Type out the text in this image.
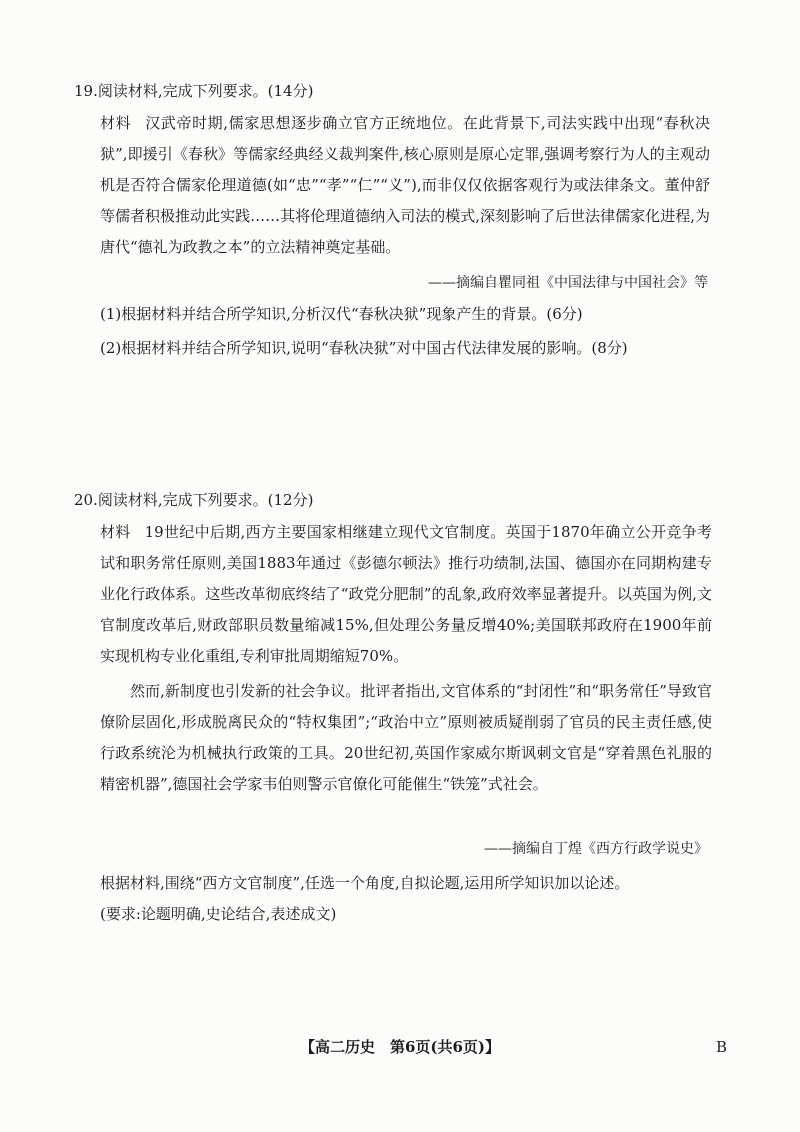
19.阅读材料,完成下列要求。(14分)
材料 汉武帝时期,儒家思想逐步确立官方正统地位。在此背景下,司法实践中出现“春秋决狱”,即援引《春秋》等儒家经典经义裁判案件,核心原则是原心定罪,强调考察行为人的主观动机是否符合儒家伦理道德(如“忠”“孝”“仁”“义”),而非仅仅依据客观行为或法律条文。董仲舒等儒者积极推动此实践……其将伦理道德纳入司法的模式,深刻影响了后世法律儒家化进程,为唐代“德礼为政教之本”的立法精神奠定基础。
——摘编自瞿同祖《中国法律与中国社会》等
(1)根据材料并结合所学知识,分析汉代“春秋决狱”现象产生的背景。(6分)
(2)根据材料并结合所学知识,说明“春秋决狱”对中国古代法律发展的影响。(8分)
20.阅读材料,完成下列要求。(12分)
材料 19世纪中后期,西方主要国家相继建立现代文官制度。英国于1870年确立公开竞争考试和职务常任原则,美国1883年通过《彭德尔顿法》推行功绩制,法国、德国亦在同期构建专业化行政体系。这些改革彻底终结了“政党分肥制”的乱象,政府效率显著提升。以英国为例,文官制度改革后,财政部职员数量缩减15%,但处理公务量反增40%;美国联邦政府在1900年前实现机构专业化重组,专利审批周期缩短70%。
然而,新制度也引发新的社会争议。批评者指出,文官体系的“封闭性”和“职务常任”导致官僚阶层固化,形成脱离民众的“特权集团”;“政治中立”原则被质疑削弱了官员的民主责任感,使行政系统沦为机械执行政策的工具。20世纪初,英国作家威尔斯讽刺文官是“穿着黑色礼服的精密机器”,德国社会学家韦伯则警示官僚化可能催生“铁笼”式社会。
——摘编自丁煌《西方行政学说史》
根据材料,围绕“西方文官制度”,任选一个角度,自拟论题,运用所学知识加以论述。
(要求:论题明确,史论结合,表述成文)
【高二历史　第6页(共6页)】	B
